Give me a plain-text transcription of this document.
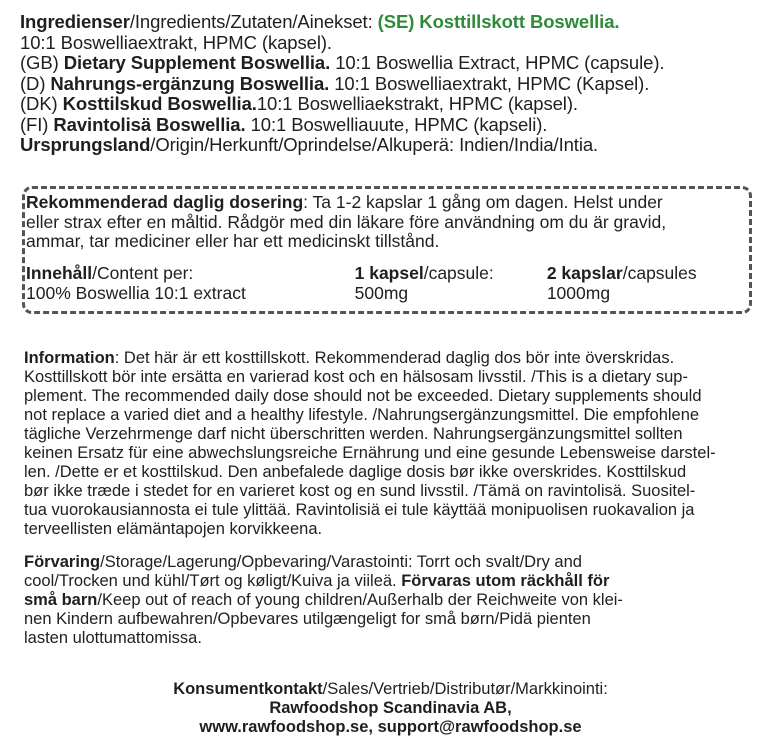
Ingredienser/Ingredients/Zutaten/Ainekset: (SE) Kosttillskott Boswellia.
10:1 Boswelliaextrakt, HPMC (kapsel).
(GB) Dietary Supplement Boswellia. 10:1 Boswellia Extract, HPMC (capsule).
(D) Nahrungs-ergänzung Boswellia. 10:1 Boswelliaextrakt, HPMC (Kapsel).
(DK) Kosttilskud Boswellia.10:1 Boswelliaekstrakt, HPMC (kapsel).
(FI) Ravintolisä Boswellia. 10:1 Boswelliauute, HPMC (kapseli).
Ursprungsland/Origin/Herkunft/Oprindelse/Alkuperä: Indien/India/Intia.
Rekommenderad daglig dosering: Ta 1-2 kapslar 1 gång om dagen. Helst under
eller strax efter en måltid. Rådgör med din läkare före användning om du är gravid,
ammar, tar mediciner eller har ett medicinskt tillstånd.
Innehåll/Content per:	1 kapsel/capsule:	2 kapslar/capsules
100% Boswellia 10:1 extract	500mg	1000mg
Information: Det här är ett kosttillskott. Rekommenderad daglig dos bör inte överskridas.
Kosttillskott bör inte ersätta en varierad kost och en hälsosam livsstil. /This is a dietary sup-
plement. The recommended daily dose should not be exceeded. Dietary supplements should
not replace a varied diet and a healthy lifestyle. /Nahrungsergänzungsmittel. Die empfohlene
tägliche Verzehrmenge darf nicht überschritten werden. Nahrungsergänzungsmittel sollten
keinen Ersatz für eine abwechslungsreiche Ernährung und eine gesunde Lebensweise darstel-
len. /Dette er et kosttilskud. Den anbefalede daglige dosis bør ikke overskrides. Kosttilskud
bør ikke træde i stedet for en varieret kost og en sund livsstil. /Tämä on ravintolisä. Suositel-
tua vuorokausiannosta ei tule ylittää. Ravintolisiä ei tule käyttää monipuolisen ruokavalion ja
terveellisten elämäntapojen korvikkeena.
Förvaring/Storage/Lagerung/Opbevaring/Varastointi: Torrt och svalt/Dry and
cool/Trocken und kühl/Tørt og køligt/Kuiva ja viileä. Förvaras utom räckhåll för
små barn/Keep out of reach of young children/Außerhalb der Reichweite von klei-
nen Kindern aufbewahren/Opbevares utilgængeligt for små børn/Pidä pienten
lasten ulottumattomissa.
Konsumentkontakt/Sales/Vertrieb/Distributør/Markkinointi:
Rawfoodshop Scandinavia AB,
www.rawfoodshop.se, support@rawfoodshop.se
